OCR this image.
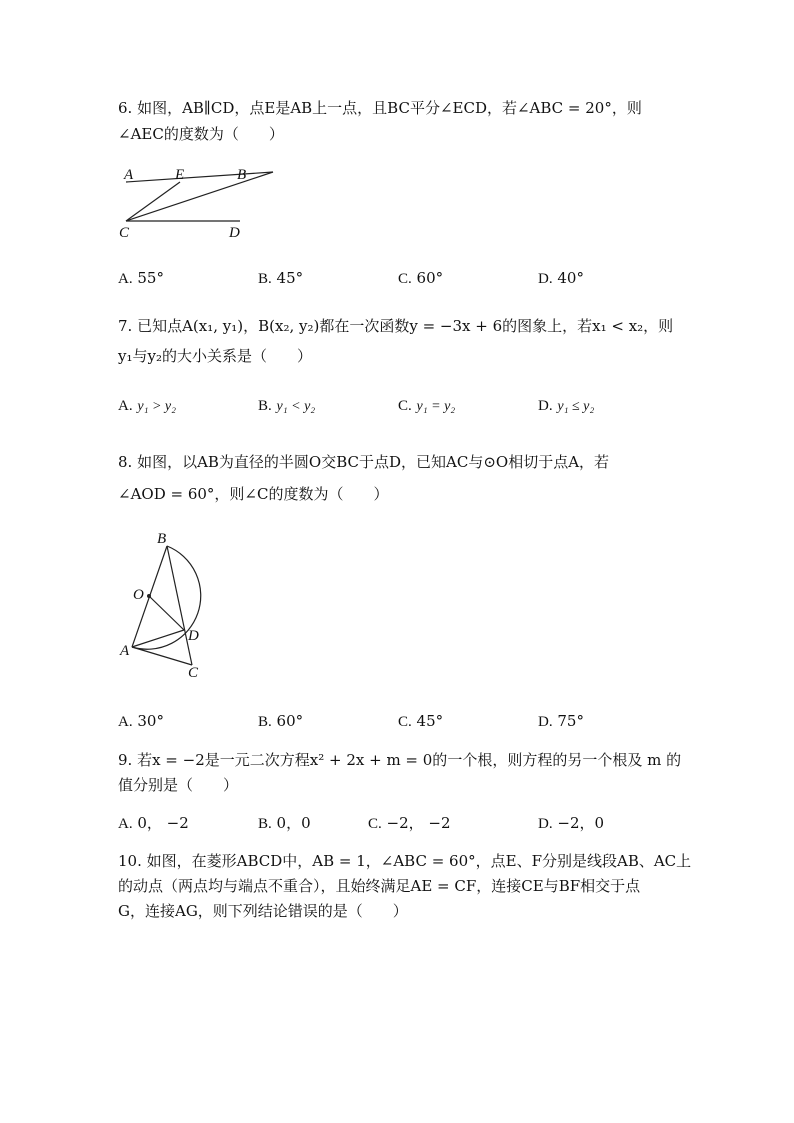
6. 如图，AB∥CD，点E是AB上一点，且BC平分∠ECD，若∠ABC = 20°，则
∠AEC的度数为（　　）
A	E	B
C	D
A. 55°	B. 45°	C. 60°	D. 40°
7. 已知点A(x₁, y₁)，B(x₂, y₂)都在一次函数y = −3x + 6的图象上，若x₁ < x₂，则
y₁与y₂的大小关系是（　　）
A. y₁ > y₂	B. y₁ < y₂	C. y₁ = y₂	D. y₁ ≤ y₂
8. 如图，以AB为直径的半圆O交BC于点D，已知AC与⊙O相切于点A，若
∠AOD = 60°，则∠C的度数为（　　）
B
O
D
A
C
A. 30°	B. 60°	C. 45°	D. 75°
9. 若x = −2是一元二次方程x² + 2x + m = 0的一个根，则方程的另一个根及 m 的
值分别是（　　）
A. 0， −2	B. 0，0	C. −2， −2	D. −2，0
10. 如图，在菱形ABCD中，AB = 1，∠ABC = 60°，点E、F分别是线段AB、AC上
的动点（两点均与端点不重合），且始终满足AE = CF，连接CE与BF相交于点
G，连接AG，则下列结论错误的是（　　）
